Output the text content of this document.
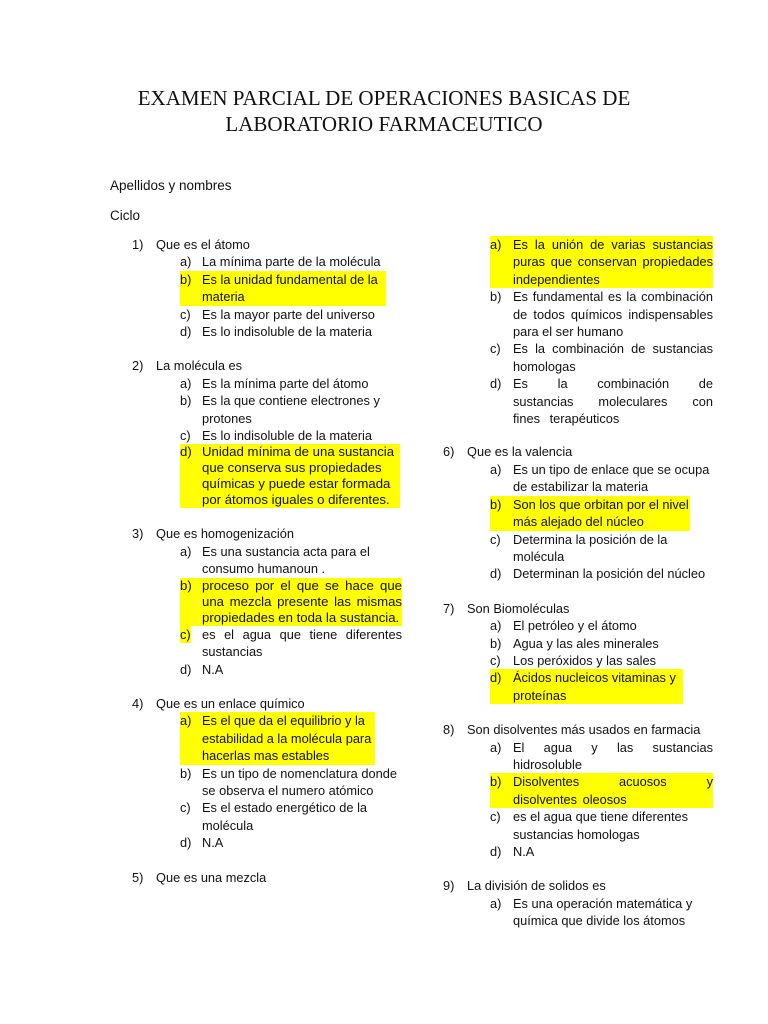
EXAMEN PARCIAL DE OPERACIONES BASICAS DE
LABORATORIO FARMACEUTICO
Apellidos y nombres
Ciclo
1) Que es el átomo
a) La mínima parte de la molécula
b) Es la unidad fundamental de la materia
c) Es la mayor parte del universo
d) Es lo indisoluble de la materia
2) La molécula es
a) Es la mínima parte del átomo
b) Es la que contiene electrones y protones
c) Es lo indisoluble de la materia
d) Unidad mínima de una sustancia que conserva sus propiedades químicas y puede estar formada por átomos iguales o diferentes.
3) Que es homogenización
a) Es una sustancia acta para el consumo humanoun .
b) proceso por el que se hace que una mezcla presente las mismas propiedades en toda la sustancia.
c) es el agua que tiene diferentes sustancias
d) N.A
4) Que es un enlace químico
a) Es el que da el equilibrio y la estabilidad a la molécula para hacerlas mas estables
b) Es un tipo de nomenclatura donde se observa el numero atómico
c) Es el estado energético de la molécula
d) N.A
5) Que es una mezcla
a) Es la unión de varias sustancias puras que conservan propiedades independientes
b) Es fundamental es la combinación de todos químicos indispensables para el ser humano
c) Es la combinación de sustancias homologas
d) Es la combinación de sustancias moleculares con fines terapéuticos
6) Que es la valencia
a) Es un tipo de enlace que se ocupa de estabilizar la materia
b) Son los que orbitan por el nivel más alejado del núcleo
c) Determina la posición de la molécula
d) Determinan la posición del núcleo
7) Son Biomoléculas
a) El petróleo y el átomo
b) Agua y las ales minerales
c) Los peróxidos y las sales
d) Ácidos nucleicos vitaminas y proteínas
8) Son disolventes más usados en farmacia
a) El agua y las sustancias hidrosoluble
b) Disolventes acuosos y disolventes oleosos
c) es el agua que tiene diferentes sustancias homologas
d) N.A
9) La división de solidos es
a) Es una operación matemática y química que divide los átomos
